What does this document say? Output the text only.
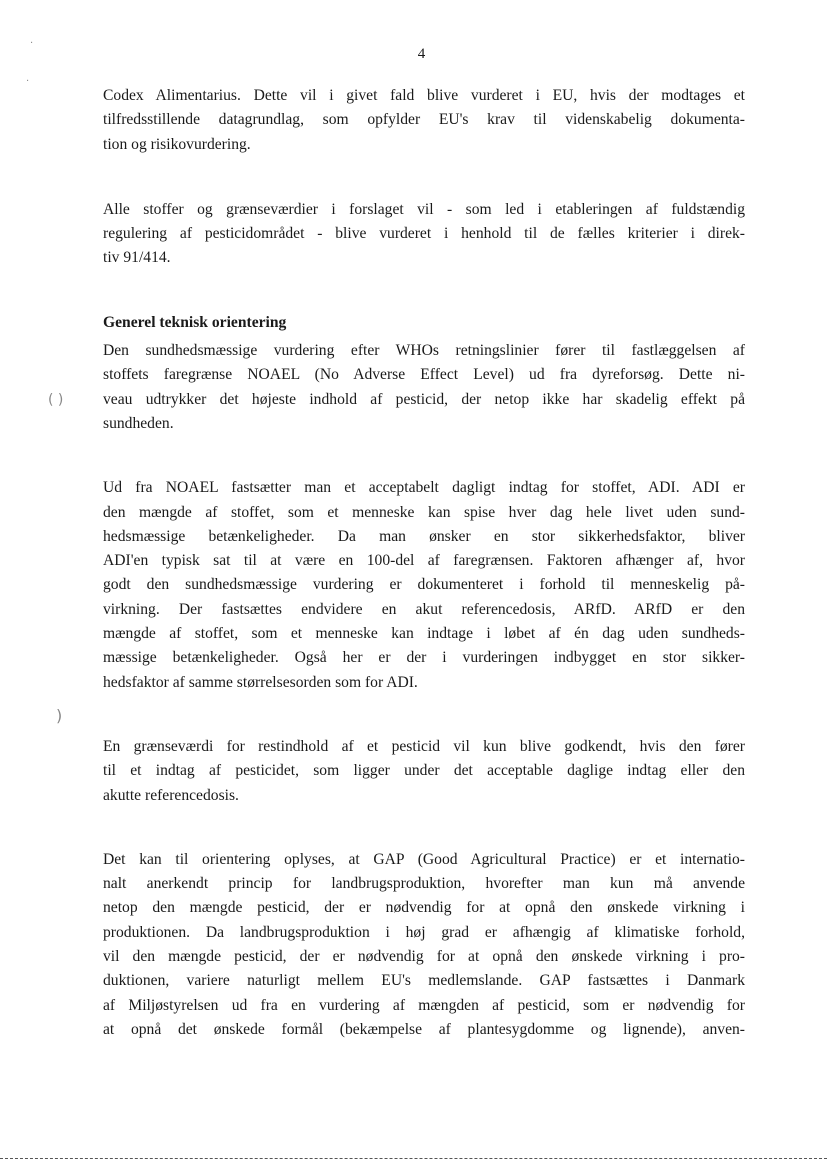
4
Codex Alimentarius. Dette vil i givet fald blive vurderet i EU, hvis der modtages et
tilfredsstillende datagrundlag, som opfylder EU's krav til videnskabelig dokumenta-
tion og risikovurdering.
Alle stoffer og grænseværdier i forslaget vil - som led i etableringen af fuldstændig
regulering af pesticidområdet - blive vurderet i henhold til de fælles kriterier i direk-
tiv 91/414.
Generel teknisk orientering
Den sundhedsmæssige vurdering efter WHOs retningslinier fører til fastlæggelsen af
stoffets faregrænse NOAEL (No Adverse Effect Level) ud fra dyreforsøg. Dette ni-
veau udtrykker det højeste indhold af pesticid, der netop ikke har skadelig effekt på
sundheden.
Ud fra NOAEL fastsætter man et acceptabelt dagligt indtag for stoffet, ADI. ADI er
den mængde af stoffet, som et menneske kan spise hver dag hele livet uden sund-
hedsmæssige betænkeligheder. Da man ønsker en stor sikkerhedsfaktor, bliver
ADI'en typisk sat til at være en 100-del af faregrænsen. Faktoren afhænger af, hvor
godt den sundhedsmæssige vurdering er dokumenteret i forhold til menneskelig på-
virkning. Der fastsættes endvidere en akut referencedosis, ARfD. ARfD er den
mængde af stoffet, som et menneske kan indtage i løbet af én dag uden sundheds-
mæssige betænkeligheder. Også her er der i vurderingen indbygget en stor sikker-
hedsfaktor af samme størrelsesorden som for ADI.
En grænseværdi for restindhold af et pesticid vil kun blive godkendt, hvis den fører
til et indtag af pesticidet, som ligger under det acceptable daglige indtag eller den
akutte referencedosis.
Det kan til orientering oplyses, at GAP (Good Agricultural Practice) er et internatio-
nalt anerkendt princip for landbrugsproduktion, hvorefter man kun må anvende
netop den mængde pesticid, der er nødvendig for at opnå den ønskede virkning i
produktionen. Da landbrugsproduktion i høj grad er afhængig af klimatiske forhold,
vil den mængde pesticid, der er nødvendig for at opnå den ønskede virkning i pro-
duktionen, variere naturligt mellem EU's medlemslande. GAP fastsættes i Danmark
af Miljøstyrelsen ud fra en vurdering af mængden af pesticid, som er nødvendig for
at opnå det ønskede formål (bekæmpelse af plantesygdomme og lignende), anven-
·
·
( )
)
